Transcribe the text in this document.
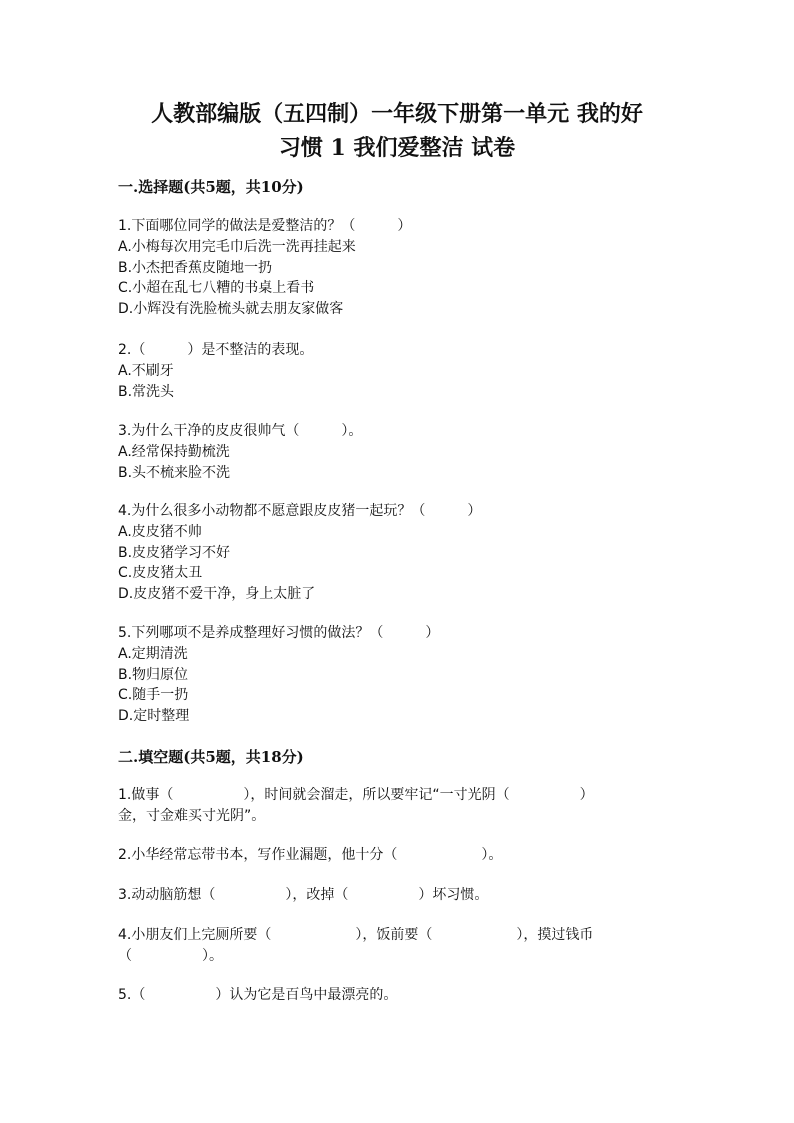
人教部编版（五四制）一年级下册第一单元 我的好
习惯 1 我们爱整洁 试卷
一.选择题(共5题，共10分)
1.下面哪位同学的做法是爱整洁的？（　　　）
A.小梅每次用完毛巾后洗一洗再挂起来
B.小杰把香蕉皮随地一扔
C.小超在乱七八糟的书桌上看书
D.小辉没有洗脸梳头就去朋友家做客
2.（　　　）是不整洁的表现。
A.不刷牙
B.常洗头
3.为什么干净的皮皮很帅气（　　　）。
A.经常保持勤梳洗
B.头不梳来脸不洗
4.为什么很多小动物都不愿意跟皮皮猪一起玩？（　　　）
A.皮皮猪不帅
B.皮皮猪学习不好
C.皮皮猪太丑
D.皮皮猪不爱干净，身上太脏了
5.下列哪项不是养成整理好习惯的做法？（　　　）
A.定期清洗
B.物归原位
C.随手一扔
D.定时整理
二.填空题(共5题，共18分)
1.做事（　　　　　），时间就会溜走，所以要牢记“一寸光阴（　　　　　）
金，寸金难买寸光阴”。
2.小华经常忘带书本，写作业漏题，他十分（　　　　　　）。
3.动动脑筋想（　　　　　），改掉（　　　　　）坏习惯。
4.小朋友们上完厕所要（　　　　　　），饭前要（　　　　　　），摸过钱币
（　　　　　）。
5.（　　　　　）认为它是百鸟中最漂亮的。
